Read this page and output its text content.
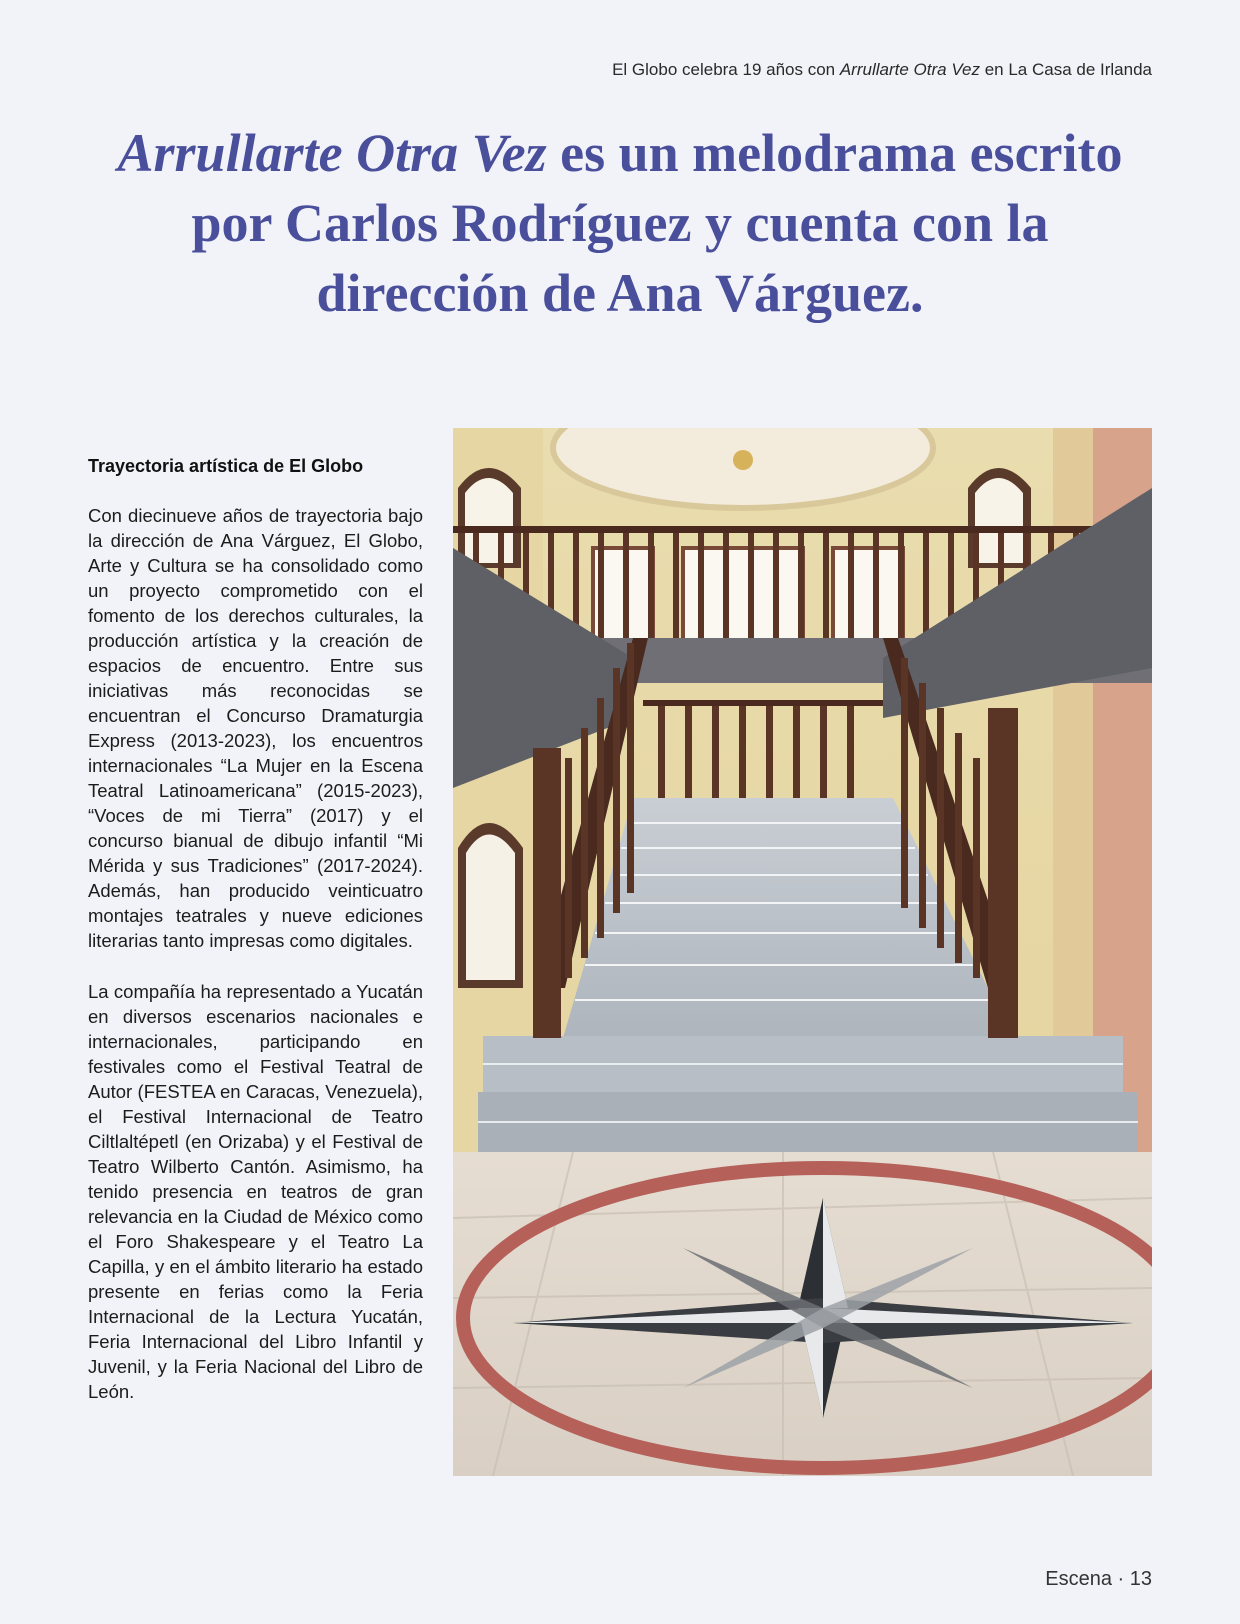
El Globo celebra 19 años con Arrullarte Otra Vez en La Casa de Irlanda
Arrullarte Otra Vez es un melodrama escrito por Carlos Rodríguez y cuenta con la dirección de Ana Várguez.
Trayectoria artística de El Globo

Con diecinueve años de trayectoria bajo la dirección de Ana Várguez, El Globo, Arte y Cultura se ha consolidado como un proyecto comprometido con el fomento de los derechos culturales, la producción artística y la creación de espacios de encuentro. Entre sus iniciativas más reconocidas se encuentran el Concurso Dramaturgia Express (2013-2023), los encuentros internacionales “La Mujer en la Escena Teatral Latinoamericana” (2015-2023), “Voces de mi Tierra” (2017) y el concurso bianual de dibujo infantil “Mi Mérida y sus Tradiciones” (2017-2024). Además, han producido veinticuatro montajes teatrales y nueve ediciones literarias tanto impresas como digitales.

La compañía ha representado a Yucatán en diversos escenarios nacionales e internacionales, participando en festivales como el Festival Teatral de Autor (FESTEA en Caracas, Venezuela), el Festival Internacional de Teatro Ciltlaltépetl (en Orizaba) y el Festival de Teatro Wilberto Cantón. Asimismo, ha tenido presencia en teatros de gran relevancia en la Ciudad de México como el Foro Shakespeare y el Teatro La Capilla, y en el ámbito literario ha estado presente en ferias como la Feria Internacional de la Lectura Yucatán, Feria Internacional del Libro Infantil y Juvenil, y la Feria Nacional del Libro de León.

Escena · 13
